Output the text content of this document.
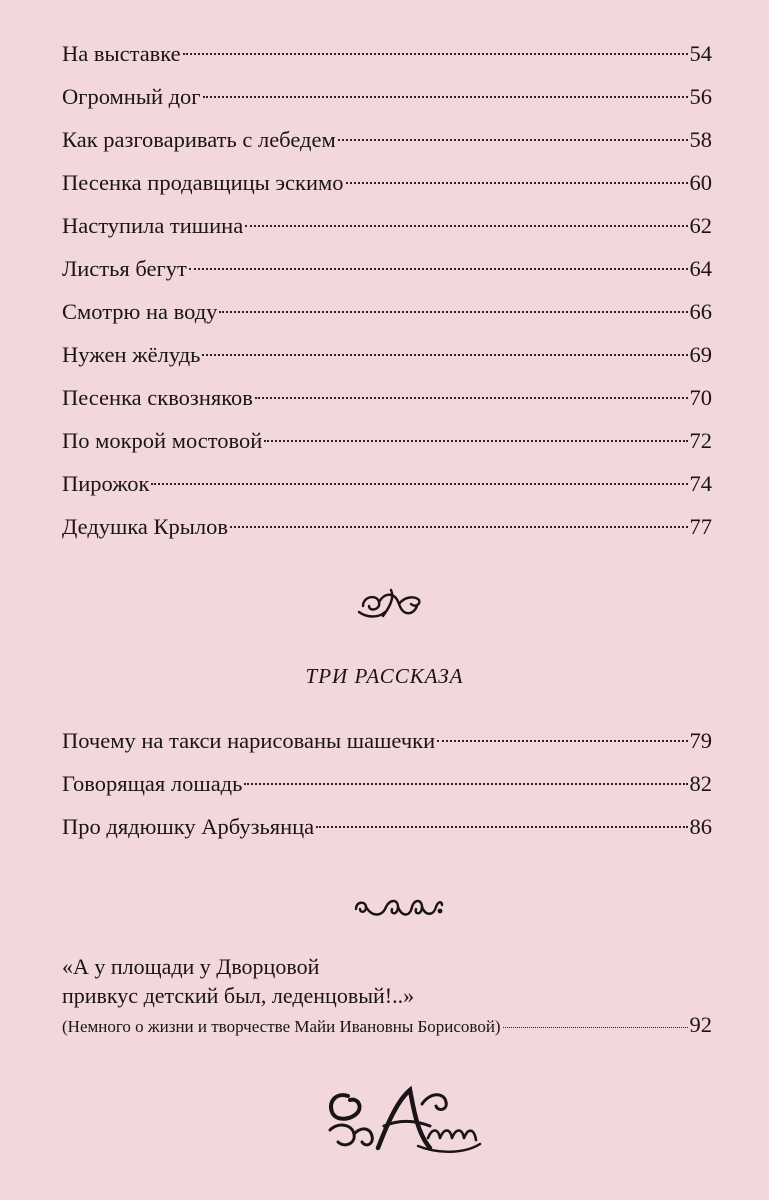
На выставке	54
Огромный дог	56
Как разговаривать с лебедем	58
Песенка продавщицы эскимо	60
Наступила тишина	62
Листья бегут	64
Смотрю на воду	66
Нужен жёлудь	69
Песенка сквозняков	70
По мокрой мостовой	72
Пирожок	74
Дедушка Крылов	77
ТРИ РАССКАЗА
Почему на такси нарисованы шашечки	79
Говорящая лошадь	82
Про дядюшку Арбузьянца	86
«А у площади у Дворцовой
привкус детский был, леденцовый!..»
(Немного о жизни и творчестве Майи Ивановны Борисовой)	92
